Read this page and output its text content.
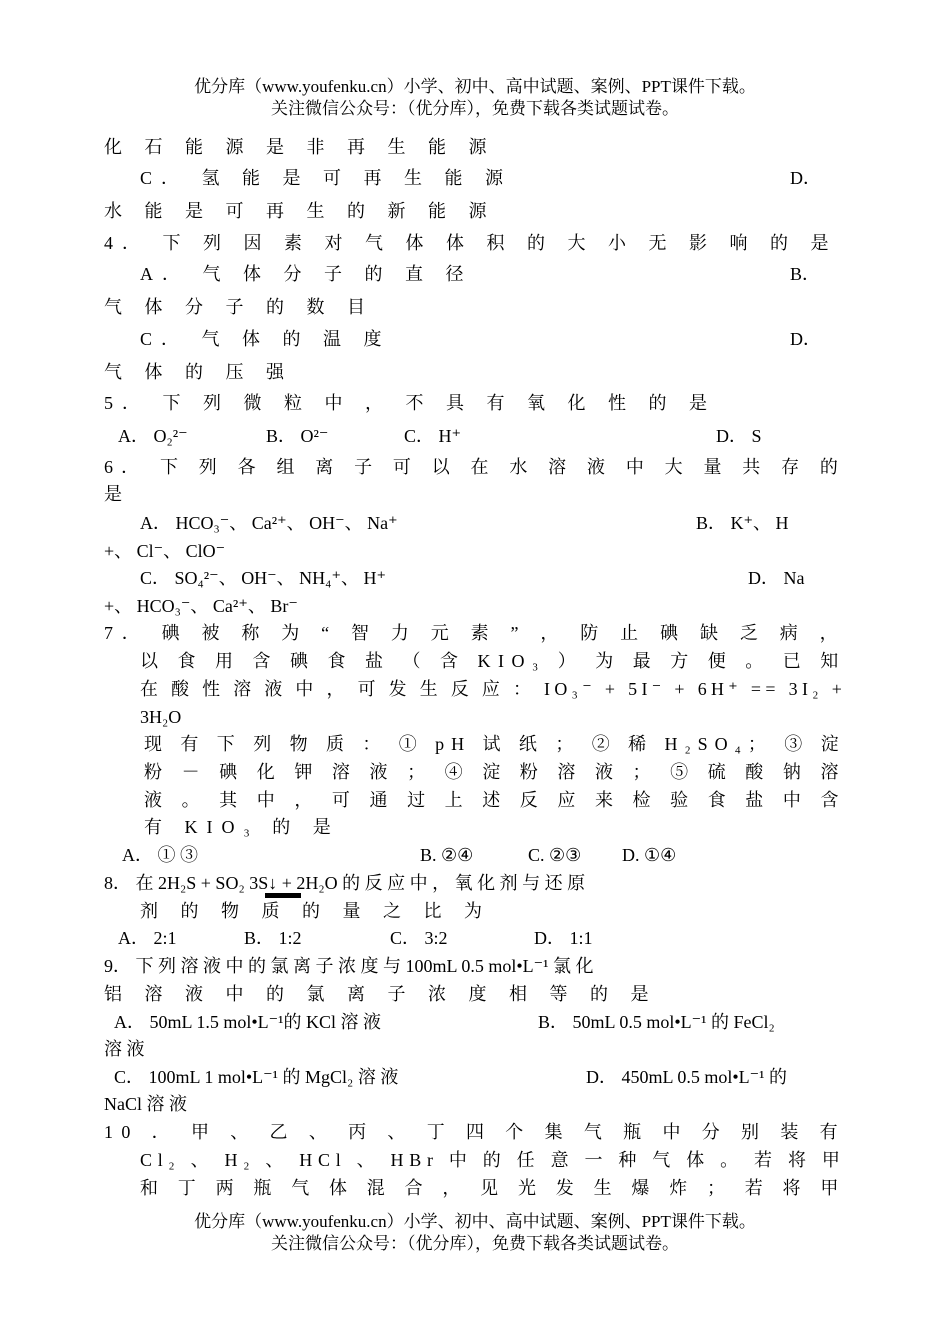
优分库（www.youfenku.cn）小学、初中、高中试题、案例、PPT课件下载。
关注微信公众号：（优分库），免费下载各类试题试卷。
化 石 能 源 是 非 再 生 能 源
C． 氢 能 是 可 再 生 能 源	D．
水 能 是 可 再 生 的 新 能 源
4． 下 列 因 素 对 气 体 体 积 的 大 小 无 影 响 的 是
A． 气 体 分 子 的 直 径	B．
气 体 分 子 的 数 目
C． 气 体 的 温 度	D．
气 体 的 压 强
5． 下 列 微 粒 中 ， 不 具 有 氧 化 性 的 是
A． O₂²⁻	B． O²⁻	C． H⁺	D． S
6． 下 列 各 组 离 子 可 以 在 水 溶 液 中 大 量 共 存 的
是
A． HCO₃⁻、 Ca²⁺、 OH⁻、 Na⁺	B． K⁺、 H
+、 Cl⁻、 ClO⁻
C． SO₄²⁻、 OH⁻、 NH₄⁺、 H⁺	D． Na
+、 HCO₃⁻、 Ca²⁺、 Br⁻
7． 碘 被 称 为 “ 智 力 元 素 ” ， 防 止 碘 缺 乏 病 ，
以 食 用 含 碘 食 盐 （ 含 KIO₃ ） 为 最 方 便 。 已 知
在 酸 性 溶 液 中 ， 可 发 生 反 应 ： IO₃⁻ + 5I⁻ + 6H⁺ == 3I₂ +
3H₂O
现 有 下 列 物 质 ： ① pH 试 纸 ； ② 稀 H₂SO₄； ③ 淀
粉 － 碘 化 钾 溶 液 ； ④ 淀 粉 溶 液 ； ⑤ 硫 酸 钠 溶
液 。 其 中 ， 可 通 过 上 述 反 应 来 检 验 食 盐 中 含
有 KIO₃ 的 是
A． ① ③	B. ②④	C. ②③ D. ①④
8． 在 2H₂S + SO₂ 3S↓ + 2H₂O 的 反 应 中 ， 氧 化 剂 与 还 原
剂 的 物 质 的 量 之 比 为
A． 2:1	B． 1:2	C． 3:2	D． 1:1
9． 下 列 溶 液 中 的 氯 离 子 浓 度 与 100mL 0.5 mol•L⁻¹ 氯 化
铝 溶 液 中 的 氯 离 子 浓 度 相 等 的 是
A． 50mL 1.5 mol•L⁻¹的 KCl 溶 液	B． 50mL 0.5 mol•L⁻¹ 的 FeCl₂
溶 液
C． 100mL 1 mol•L⁻¹ 的 MgCl₂ 溶 液	D． 450mL 0.5 mol•L⁻¹ 的
NaCl 溶 液
10 ． 甲 、 乙 、 丙 、 丁 四 个 集 气 瓶 中 分 别 装 有
Cl₂ 、 H₂ 、 HCl 、 HBr 中 的 任 意 一 种 气 体 。 若 将 甲
和 丁 两 瓶 气 体 混 合 ， 见 光 发 生 爆 炸 ； 若 将 甲
优分库（www.youfenku.cn）小学、初中、高中试题、案例、PPT课件下载。
关注微信公众号：（优分库），免费下载各类试题试卷。
